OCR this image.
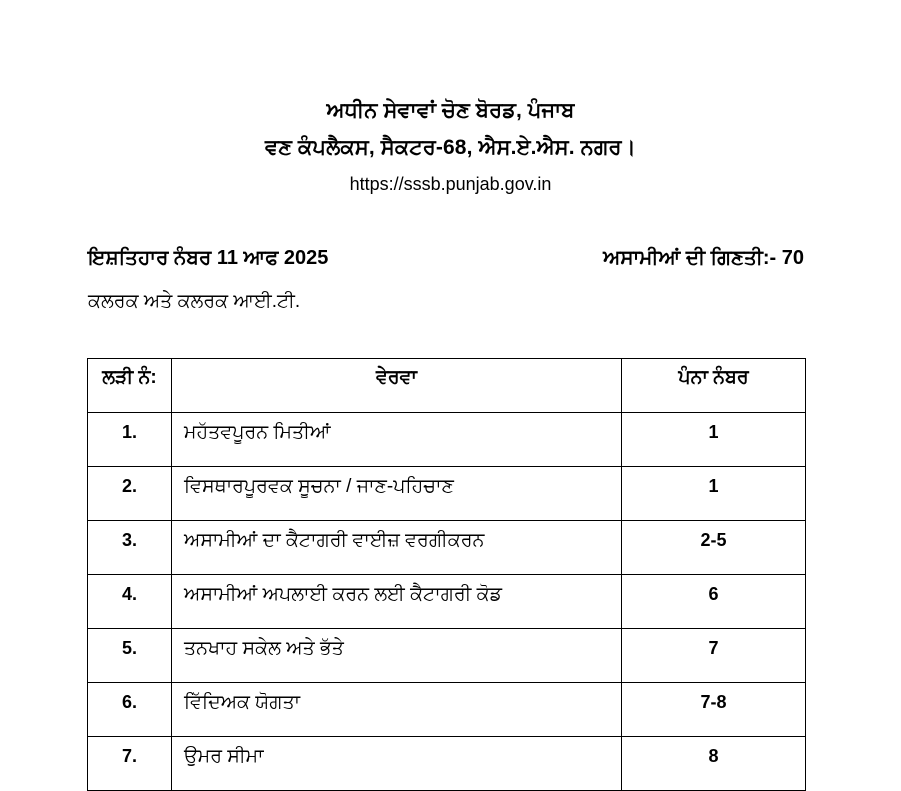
ਅਧੀਨ ਸੇਵਾਵਾਂ ਚੋਣ ਬੋਰਡ, ਪੰਜਾਬ
ਵਣ ਕੰਪਲੈਕਸ, ਸੈਕਟਰ-68, ਐਸ.ਏ.ਐਸ. ਨਗਰ।
https://sssb.punjab.gov.in
ਇਸ਼ਤਿਹਾਰ ਨੰਬਰ 11 ਆਫ 2025	ਅਸਾਮੀਆਂ ਦੀ ਗਿਣਤੀ:- 70
ਕਲਰਕ ਅਤੇ ਕਲਰਕ ਆਈ.ਟੀ.
ਲੜੀ ਨੰ:	ਵੇਰਵਾ	ਪੰਨਾ ਨੰਬਰ

1.	ਮਹੱਤਵਪੂਰਨ ਮਿਤੀਆਂ	1

2.	ਵਿਸਥਾਰਪੂਰਵਕ ਸੂਚਨਾ / ਜਾਣ-ਪਹਿਚਾਣ	1

3.	ਅਸਾਮੀਆਂ ਦਾ ਕੈਟਾਗਰੀ ਵਾਈਜ਼ ਵਰਗੀਕਰਨ	2-5

4.	ਅਸਾਮੀਆਂ ਅਪਲਾਈ ਕਰਨ ਲਈ ਕੈਟਾਗਰੀ ਕੋਡ	6

5.	ਤਨਖਾਹ ਸਕੇਲ ਅਤੇ ਭੱਤੇ	7

6.	ਵਿੱਦਿਅਕ ਯੋਗਤਾ	7-8

7.	ਉਮਰ ਸੀਮਾ	8
